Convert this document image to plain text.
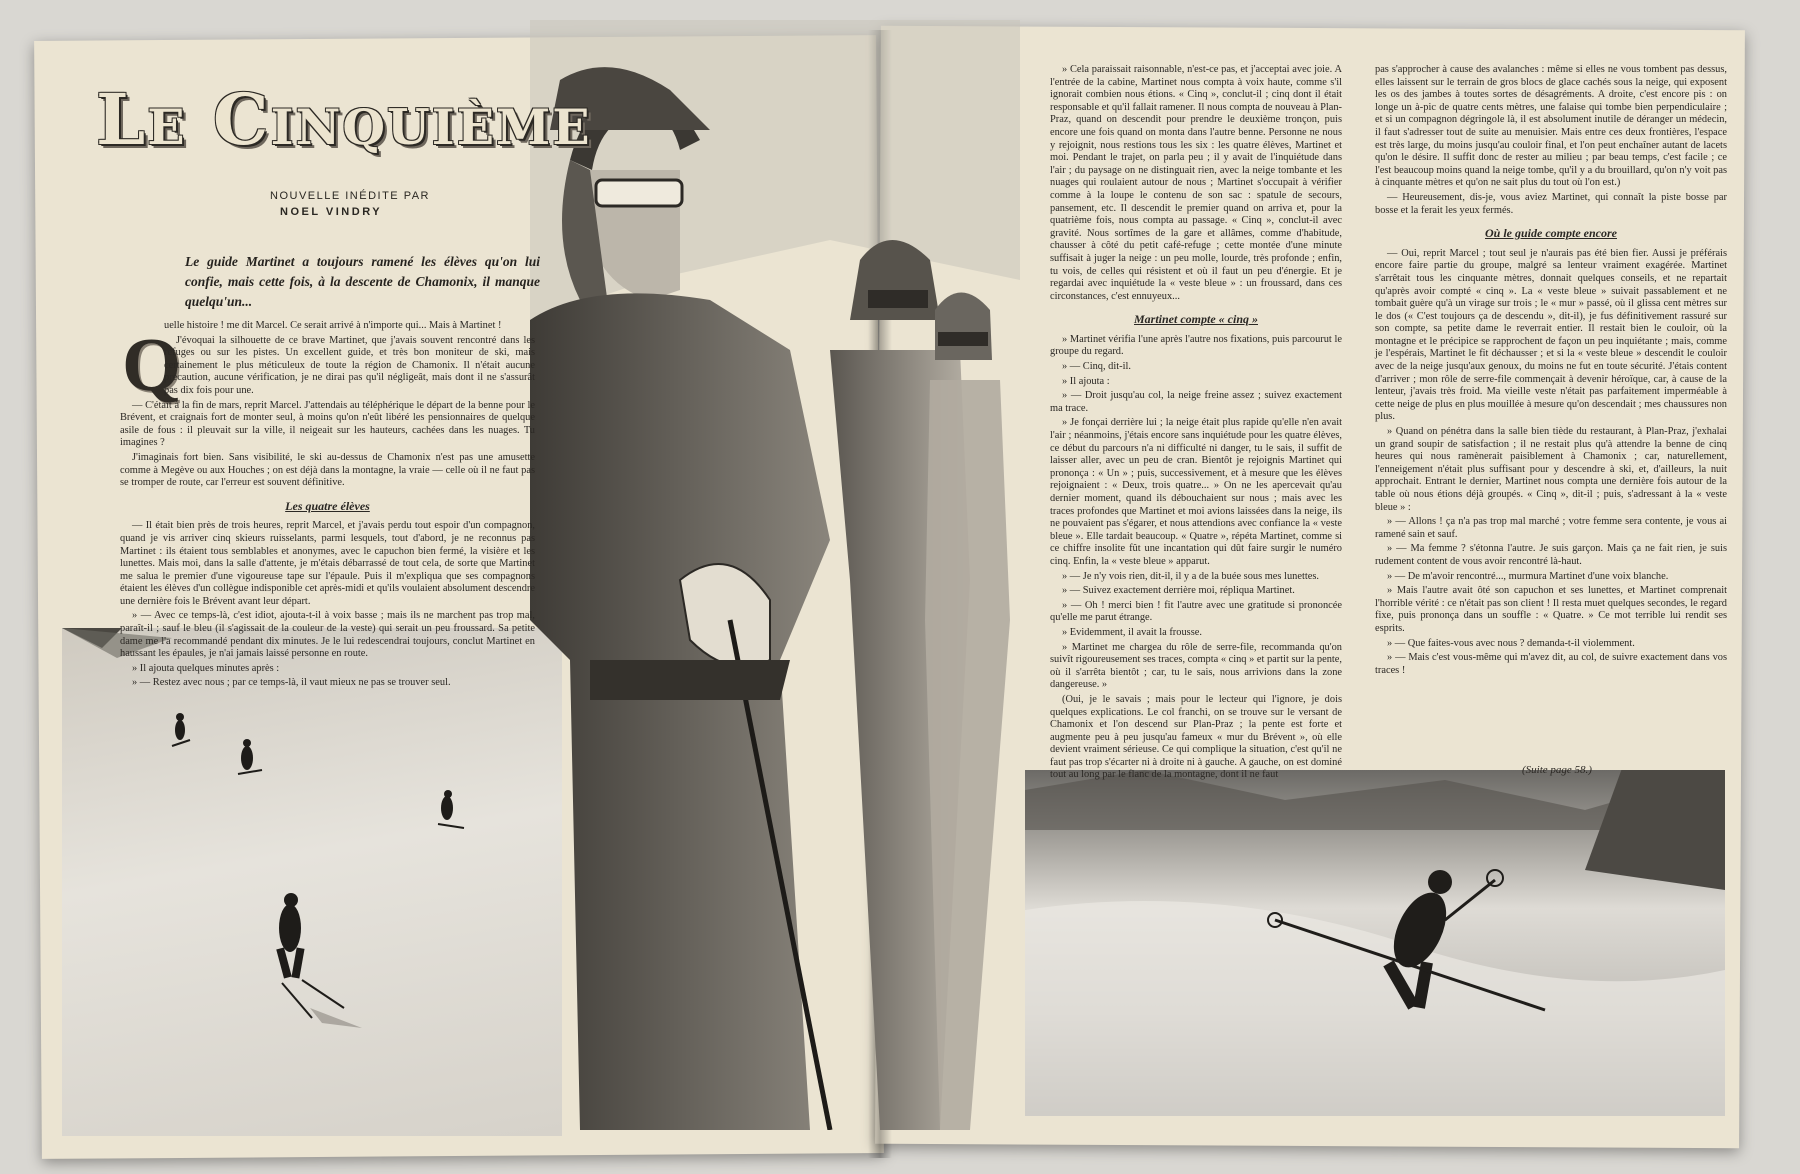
Le Cinquième
NOUVELLE INÉDITE PAR
NOEL VINDRY
Le guide Martinet a toujours ramené les élèves qu'on lui confie, mais cette fois, à la descente de Chamonix, il manque quelqu'un...
Q

uelle histoire ! me dit Marcel. Ce serait arrivé à n'importe qui... Mais à Martinet !

J'évoquai la silhouette de ce brave Martinet, que j'avais souvent rencontré dans les refuges ou sur les pistes. Un excellent guide, et très bon moniteur de ski, mais certainement le plus méticuleux de toute la région de Chamonix. Il n'était aucune précaution, aucune vérification, je ne dirai pas qu'il négligeât, mais dont il ne s'assurât pas dix fois pour une.

— C'était à la fin de mars, reprit Marcel. J'attendais au téléphérique le départ de la benne pour le Brévent, et craignais fort de monter seul, à moins qu'on n'eût libéré les pensionnaires de quelque asile de fous : il pleuvait sur la ville, il neigeait sur les hauteurs, cachées dans les nuages. Tu imagines ?

J'imaginais fort bien. Sans visibilité, le ski au-dessus de Chamonix n'est pas une amusette comme à Megève ou aux Houches ; on est déjà dans la montagne, la vraie — celle où il ne faut pas se tromper de route, car l'erreur est souvent définitive.

Les quatre élèves

— Il était bien près de trois heures, reprit Marcel, et j'avais perdu tout espoir d'un compagnon, quand je vis arriver cinq skieurs ruisselants, parmi lesquels, tout d'abord, je ne reconnus pas Martinet : ils étaient tous semblables et anonymes, avec le capuchon bien fermé, la visière et les lunettes. Mais moi, dans la salle d'attente, je m'étais débarrassé de tout cela, de sorte que Martinet me salua le premier d'une vigoureuse tape sur l'épaule. Puis il m'expliqua que ses compagnons étaient les élèves d'un collègue indisponible cet après-midi et qu'ils voulaient absolument descendre une dernière fois le Brévent avant leur départ.

» — Avec ce temps-là, c'est idiot, ajouta-t-il à voix basse ; mais ils ne marchent pas trop mal, paraît-il ; sauf le bleu (il s'agissait de la couleur de la veste) qui serait un peu froussard. Sa petite dame me l'a recommandé pendant dix minutes. Je le lui redescendrai toujours, conclut Martinet en haussant les épaules, je n'ai jamais laissé personne en route.

» Il ajouta quelques minutes après :

» — Restez avec nous ; par ce temps-là, il vaut mieux ne pas se trouver seul.

» Cela paraissait raisonnable, n'est-ce pas, et j'acceptai avec joie. A l'entrée de la cabine, Martinet nous compta à voix haute, comme s'il ignorait combien nous étions. « Cinq », conclut-il ; cinq dont il était responsable et qu'il fallait ramener. Il nous compta de nouveau à Plan-Praz, quand on descendit pour prendre le deuxième tronçon, puis encore une fois quand on monta dans l'autre benne. Personne ne nous y rejoignit, nous restions tous les six : les quatre élèves, Martinet et moi. Pendant le trajet, on parla peu ; il y avait de l'inquiétude dans l'air ; du paysage on ne distinguait rien, avec la neige tombante et les nuages qui roulaient autour de nous ; Martinet s'occupait à vérifier comme à la loupe le contenu de son sac : spatule de secours, pansement, etc. Il descendit le premier quand on arriva et, pour la quatrième fois, nous compta au passage. « Cinq », conclut-il avec gravité. Nous sortîmes de la gare et allâmes, comme d'habitude, chausser à côté du petit café-refuge ; cette montée d'une minute suffisait à juger la neige : un peu molle, lourde, très profonde ; enfin, tu vois, de celles qui résistent et où il faut un peu d'énergie. Et je regardai avec inquiétude la « veste bleue » : un froussard, dans ces circonstances, c'est ennuyeux...

Martinet compte « cinq »

» Martinet vérifia l'une après l'autre nos fixations, puis parcourut le groupe du regard.

» — Cinq, dit-il.

» Il ajouta :

» — Droit jusqu'au col, la neige freine assez ; suivez exactement ma trace.

» Je fonçai derrière lui ; la neige était plus rapide qu'elle n'en avait l'air ; néanmoins, j'étais encore sans inquiétude pour les quatre élèves, ce début du parcours n'a ni difficulté ni danger, tu le sais, il suffit de laisser aller, avec un peu de cran. Bientôt je rejoignis Martinet qui prononça : « Un » ; puis, successivement, et à mesure que les élèves rejoignaient : « Deux, trois quatre... » On ne les apercevait qu'au dernier moment, quand ils débouchaient sur nous ; mais avec les traces profondes que Martinet et moi avions laissées dans la neige, ils ne pouvaient pas s'égarer, et nous attendions avec confiance la « veste bleue ». Elle tardait beaucoup. « Quatre », répéta Martinet, comme si ce chiffre insolite fût une incantation qui dût faire surgir le numéro cinq. Enfin, la « veste bleue » apparut.

» — Je n'y vois rien, dit-il, il y a de la buée sous mes lunettes.

» — Suivez exactement derrière moi, répliqua Martinet.

» — Oh ! merci bien ! fit l'autre avec une gratitude si prononcée qu'elle me parut étrange.

» Evidemment, il avait la frousse.

» Martinet me chargea du rôle de serre-file, recommanda qu'on suivît rigoureusement ses traces, compta « cinq » et partit sur la pente, où il s'arrêta bientôt ; car, tu le sais, nous arrivions dans la zone dangereuse. »

(Oui, je le savais ; mais pour le lecteur qui l'ignore, je dois quelques explications. Le col franchi, on se trouve sur le versant de Chamonix et l'on descend sur Plan-Praz ; la pente est forte et augmente peu à peu jusqu'au fameux « mur du Brévent », où elle devient vraiment sérieuse. Ce qui complique la situation, c'est qu'il ne faut pas trop s'écarter ni à droite ni à gauche. A gauche, on est dominé tout au long par le flanc de la montagne, dont il ne faut

pas s'approcher à cause des avalanches : même si elles ne vous tombent pas dessus, elles laissent sur le terrain de gros blocs de glace cachés sous la neige, qui exposent les os des jambes à toutes sortes de désagréments. A droite, c'est encore pis : on longe un à-pic de quatre cents mètres, une falaise qui tombe bien perpendiculaire ; et si un compagnon dégringole là, il est absolument inutile de déranger un médecin, il faut s'adresser tout de suite au menuisier. Mais entre ces deux frontières, l'espace est très large, du moins jusqu'au couloir final, et l'on peut enchaîner autant de lacets qu'on le désire. Il suffit donc de rester au milieu ; par beau temps, c'est facile ; ce l'est beaucoup moins quand la neige tombe, qu'il y a du brouillard, qu'on n'y voit pas à cinquante mètres et qu'on ne sait plus du tout où l'on est.)

— Heureusement, dis-je, vous aviez Martinet, qui connaît la piste bosse par bosse et la ferait les yeux fermés.

Où le guide compte encore

— Oui, reprit Marcel ; tout seul je n'aurais pas été bien fier. Aussi je préférais encore faire partie du groupe, malgré sa lenteur vraiment exagérée. Martinet s'arrêtait tous les cinquante mètres, donnait quelques conseils, et ne repartait qu'après avoir compté « cinq ». La « veste bleue » suivait passablement et ne tombait guère qu'à un virage sur trois ; le « mur » passé, où il glissa cent mètres sur le dos (« C'est toujours ça de descendu », dit-il), je fus définitivement rassuré sur son compte, sa petite dame le reverrait entier. Il restait bien le couloir, où la montagne et le précipice se rapprochent de façon un peu inquiétante ; mais, comme je l'espérais, Martinet le fit déchausser ; et si la « veste bleue » descendit le couloir avec de la neige jusqu'aux genoux, du moins ne fut en toute sécurité. J'étais content d'arriver ; mon rôle de serre-file commençait à devenir héroïque, car, à cause de la lenteur, j'avais très froid. Ma vieille veste n'était pas parfaitement imperméable à cette neige de plus en plus mouillée à mesure qu'on descendait ; mes chaussures non plus.

» Quand on pénétra dans la salle bien tiède du restaurant, à Plan-Praz, j'exhalai un grand soupir de satisfaction ; il ne restait plus qu'à attendre la benne de cinq heures qui nous ramènerait paisiblement à Chamonix ; car, naturellement, l'enneigement n'était plus suffisant pour y descendre à ski, et, d'ailleurs, la nuit approchait. Entrant le dernier, Martinet nous compta une dernière fois autour de la table où nous étions déjà groupés. « Cinq », dit-il ; puis, s'adressant à la « veste bleue » :

» — Allons ! ça n'a pas trop mal marché ; votre femme sera contente, je vous ai ramené sain et sauf.

» — Ma femme ? s'étonna l'autre. Je suis garçon. Mais ça ne fait rien, je suis rudement content de vous avoir rencontré là-haut.

» — De m'avoir rencontré..., murmura Martinet d'une voix blanche.

» Mais l'autre avait ôté son capuchon et ses lunettes, et Martinet comprenait l'horrible vérité : ce n'était pas son client ! Il resta muet quelques secondes, le regard fixe, puis prononça dans un souffle : « Quatre. » Ce mot terrible lui rendit ses esprits.

» — Que faites-vous avec nous ? demanda-t-il violemment.

» — Mais c'est vous-même qui m'avez dit, au col, de suivre exactement dans vos traces !

(Suite page 58.)
